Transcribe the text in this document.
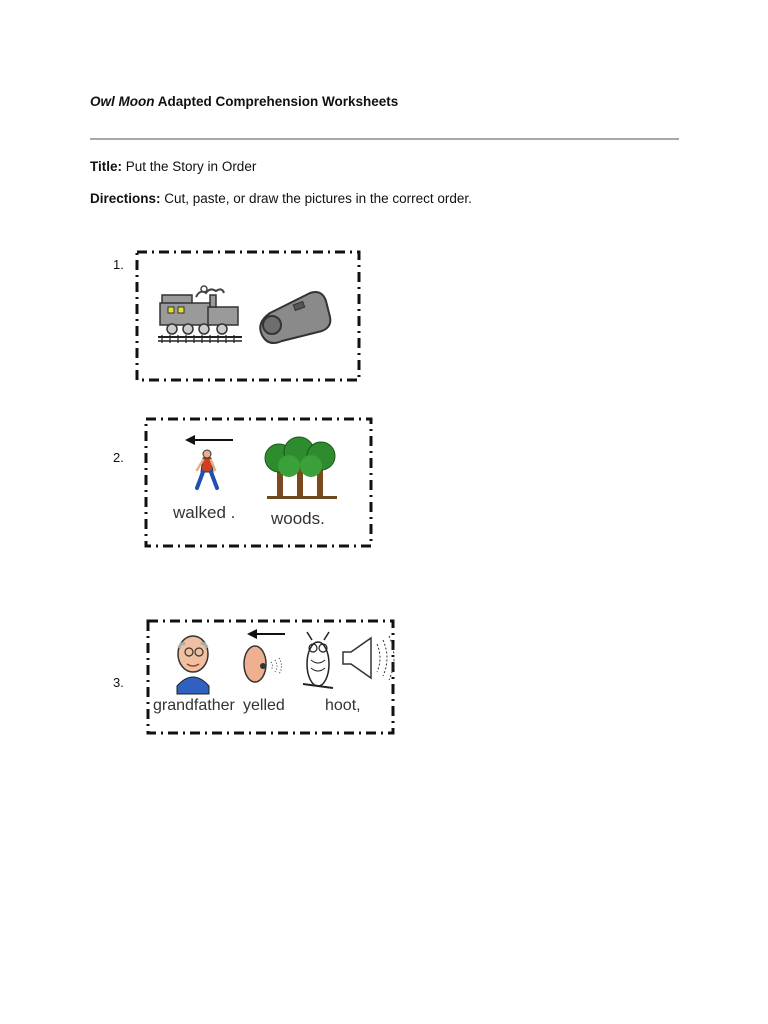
Owl Moon Adapted Comprehension Worksheets
Title: Put the Story in Order
Directions: Cut, paste, or draw the pictures in the correct order.
1.
2.
walked . woods.
3.
grandfather yelled	hoot,
